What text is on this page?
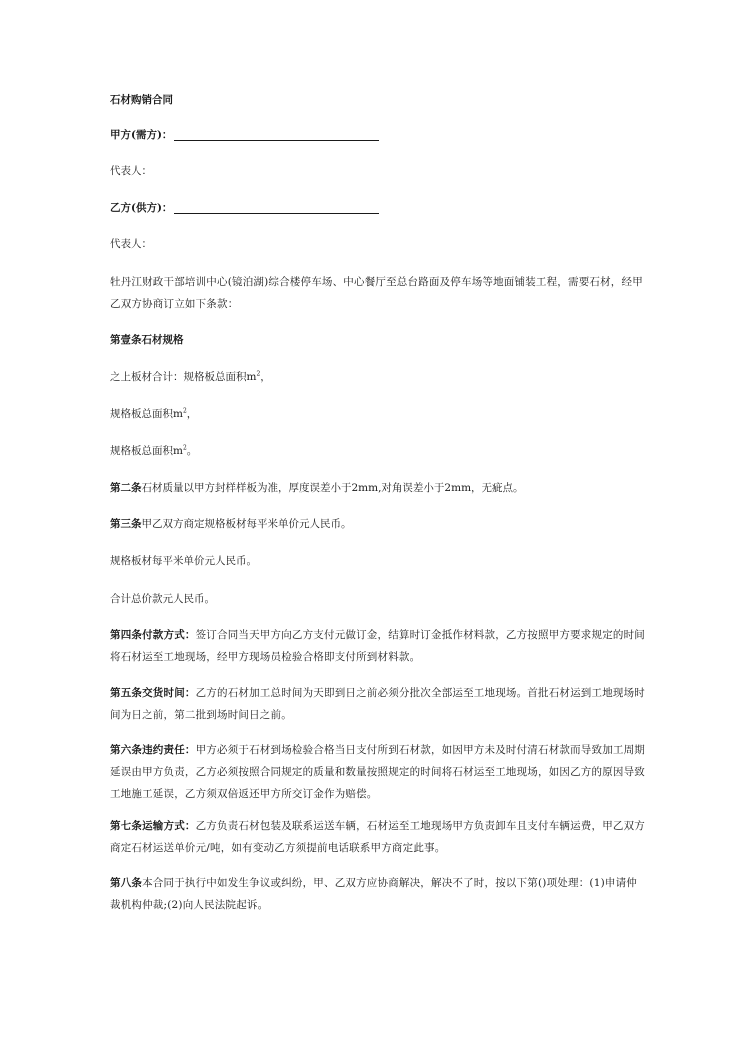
石材购销合同
甲方(需方)：
代表人：
乙方(供方)：
代表人：
牡丹江财政干部培训中心(镜泊湖)综合楼停车场、中心餐厅至总台路面及停车场等地面铺装工程，需要石材，经甲乙双方协商订立如下条款：
第壹条石材规格
之上板材合计：规格板总面积$m^2$，
规格板总面积$m^2$，
规格板总面积$m^2$。
第二条石材质量以甲方封样样板为准，厚度误差小于2mm,对角误差小于2mm，无疵点。
第三条甲乙双方商定规格板材每平米单价元人民币。
规格板材每平米单价元人民币。
合计总价款元人民币。
第四条付款方式：签订合同当天甲方向乙方支付元做订金，结算时订金抵作材料款，乙方按照甲方要求规定的时间将石材运至工地现场，经甲方现场员检验合格即支付所到材料款。
第五条交货时间：乙方的石材加工总时间为天即到日之前必须分批次全部运至工地现场。首批石材运到工地现场时间为日之前，第二批到场时间日之前。
第六条违约责任：甲方必须于石材到场检验合格当日支付所到石材款，如因甲方未及时付清石材款而导致加工周期延误由甲方负责，乙方必须按照合同规定的质量和数量按照规定的时间将石材运至工地现场，如因乙方的原因导致工地施工延误，乙方须双倍返还甲方所交订金作为赔偿。
第七条运输方式：乙方负责石材包装及联系运送车辆，石材运至工地现场甲方负责卸车且支付车辆运费，甲乙双方商定石材运送单价元/吨，如有变动乙方须提前电话联系甲方商定此事。
第八条本合同于执行中如发生争议或纠纷，甲、乙双方应协商解决，解决不了时，按以下第()项处理：(1)申请仲裁机构仲裁;(2)向人民法院起诉。
